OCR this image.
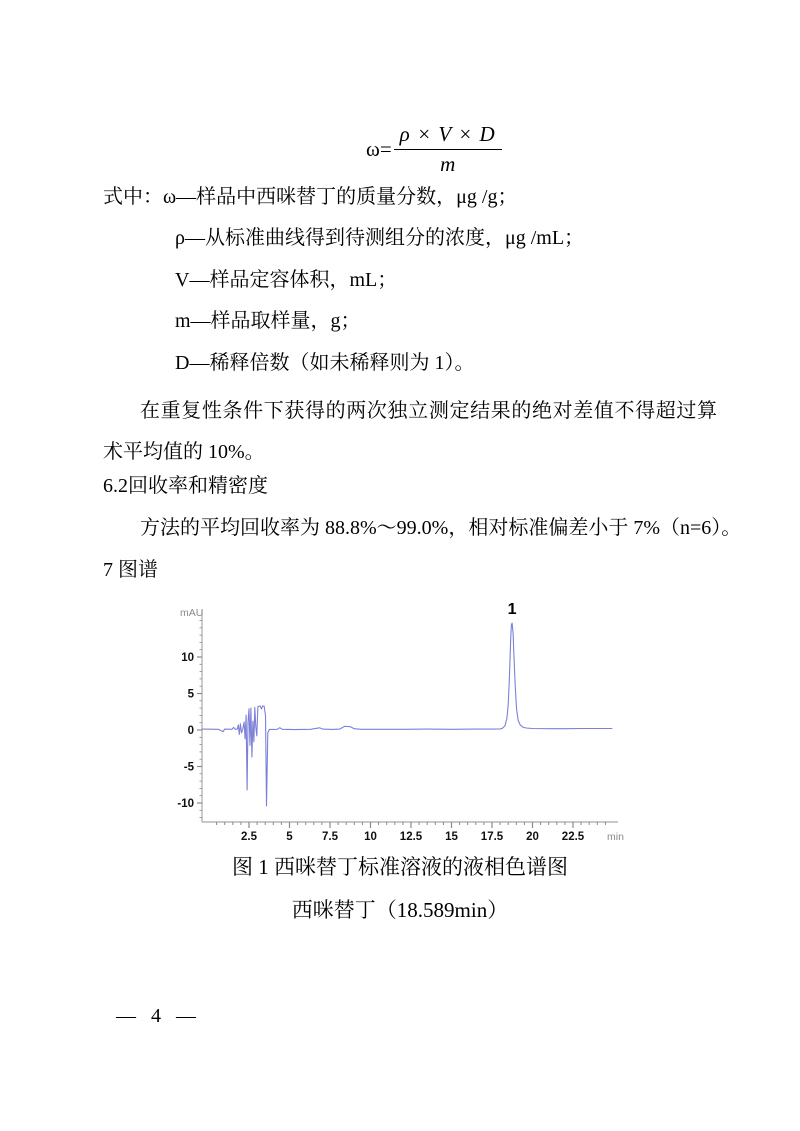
$\omega= \frac{\rho \times V \times D}{m}$
式中：ω—样品中西咪替丁的质量分数，μg /g；
ρ—从标准曲线得到待测组分的浓度，μg /mL；
V—样品定容体积，mL；
m—样品取样量，g；
D—稀释倍数（如未稀释则为 1）。
在重复性条件下获得的两次独立测定结果的绝对差值不得超过算术平均值的 10%。
6.2回收率和精密度
方法的平均回收率为 88.8%～99.0%，相对标准偏差小于 7%（n=6）。
7 图谱
2.5	5	7.5 10 12.5 15 17.5 20 22.5 min
-10
-5
0
5
10
mAU	1
图 1 西咪替丁标准溶液的液相色谱图
西咪替丁（18.589min）
— 4 —
